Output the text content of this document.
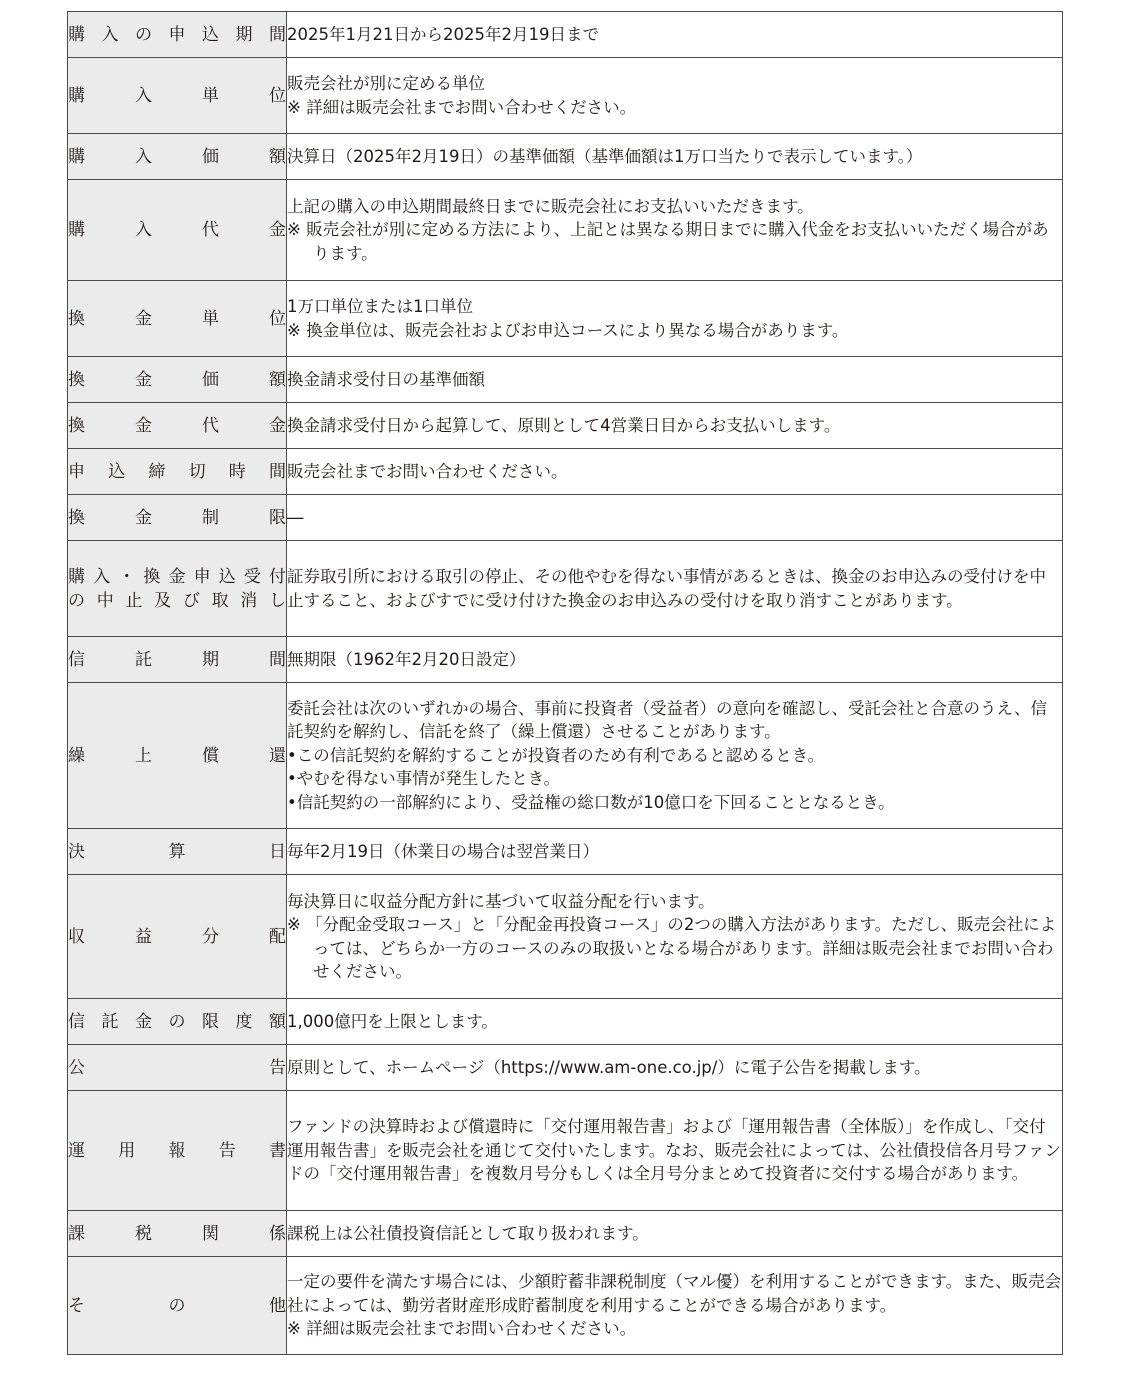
購入の申込期間	2025年1月21日から2025年2月19日まで

購入単位	販売会社が別に定める単位
※ 詳細は販売会社までお問い合わせください。

購入価額	決算日（2025年2月19日）の基準価額（基準価額は1万口当たりで表示しています。）

購入代金	上記の購入の申込期間最終日までに販売会社にお支払いいただきます。
※ 販売会社が別に定める方法により、上記とは異なる期日までに購入代金をお支払いいただく場合があります。

換金単位	1万口単位または1口単位
※ 換金単位は、販売会社およびお申込コースにより異なる場合があります。

換金価額	換金請求受付日の基準価額

換金代金	換金請求受付日から起算して、原則として4営業日目からお支払いします。

申込締切時間	販売会社までお問い合わせください。

換金制限	―

購入・換金申込受付
の中止及び取消し	証券取引所における取引の停止、その他やむを得ない事情があるときは、換金のお申込みの受付けを中止すること、およびすでに受け付けた換金のお申込みの受付けを取り消すことがあります。

信託期間	無期限（1962年2月20日設定）

繰上償還	委託会社は次のいずれかの場合、事前に投資者（受益者）の意向を確認し、受託会社と合意のうえ、信託契約を解約し、信託を終了（繰上償還）させることがあります。
•この信託契約を解約することが投資者のため有利であると認めるとき。
•やむを得ない事情が発生したとき。
•信託契約の一部解約により、受益権の総口数が10億口を下回ることとなるとき。

決算日	毎年2月19日（休業日の場合は翌営業日）

収益分配	毎決算日に収益分配方針に基づいて収益分配を行います。
※ 「分配金受取コース」と「分配金再投資コース」の2つの購入方法があります。ただし、販売会社によっては、どちらか一方のコースのみの取扱いとなる場合があります。詳細は販売会社までお問い合わせください。

信託金の限度額	1,000億円を上限とします。

公告	原則として、ホームページ（https://www.am-one.co.jp/）に電子公告を掲載します。

運用報告書	ファンドの決算時および償還時に「交付運用報告書」および「運用報告書（全体版）」を作成し、「交付運用報告書」を販売会社を通じて交付いたします。なお、販売会社によっては、公社債投信各月号ファンドの「交付運用報告書」を複数月号分もしくは全月号分まとめて投資者に交付する場合があります。

課税関係	課税上は公社債投資信託として取り扱われます。

その他	一定の要件を満たす場合には、少額貯蓄非課税制度（マル優）を利用することができます。また、販売会社によっては、勤労者財産形成貯蓄制度を利用することができる場合があります。
※ 詳細は販売会社までお問い合わせください。
